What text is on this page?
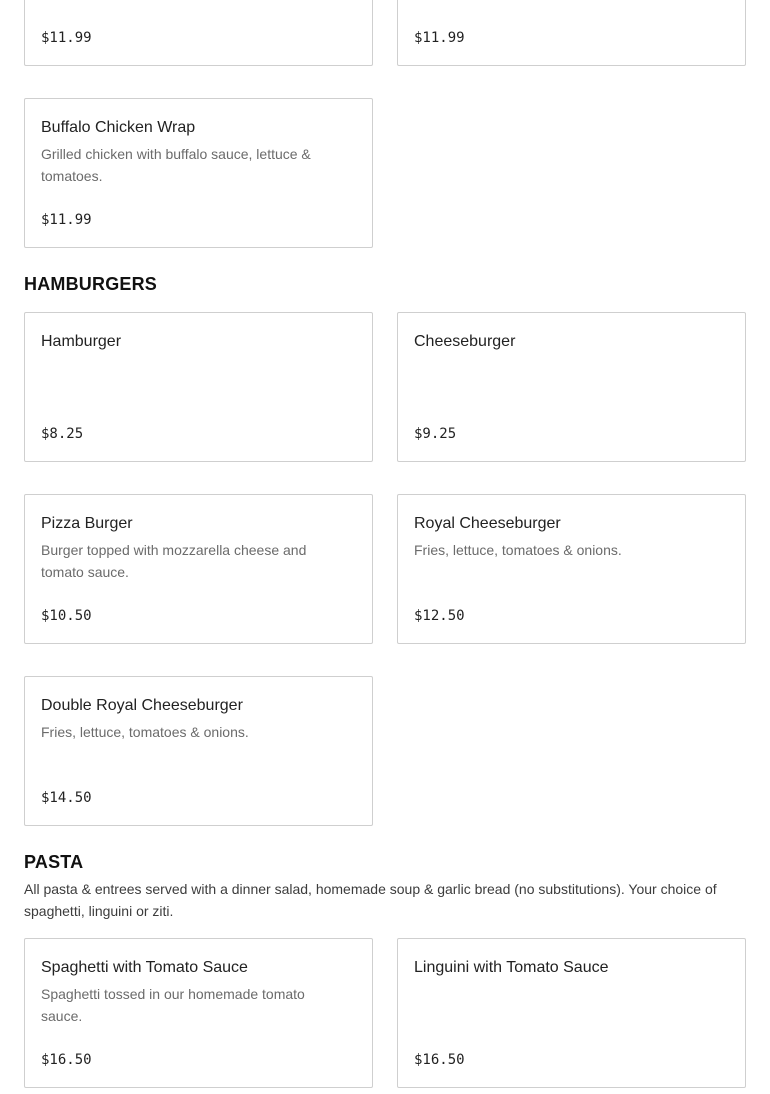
$11.99	$11.99
Buffalo Chicken Wrap
Grilled chicken with buffalo sauce, lettuce & tomatoes.
$11.99
HAMBURGERS
Hamburger
$8.25
Cheeseburger
$9.25
Pizza Burger
Burger topped with mozzarella cheese and tomato sauce.
$10.50
Royal Cheeseburger
Fries, lettuce, tomatoes & onions.
$12.50
Double Royal Cheeseburger
Fries, lettuce, tomatoes & onions.
$14.50
PASTA
All pasta & entrees served with a dinner salad, homemade soup & garlic bread (no substitutions). Your choice of spaghetti, linguini or ziti.
Spaghetti with Tomato Sauce
Spaghetti tossed in our homemade tomato sauce.
$16.50
Linguini with Tomato Sauce
$16.50
